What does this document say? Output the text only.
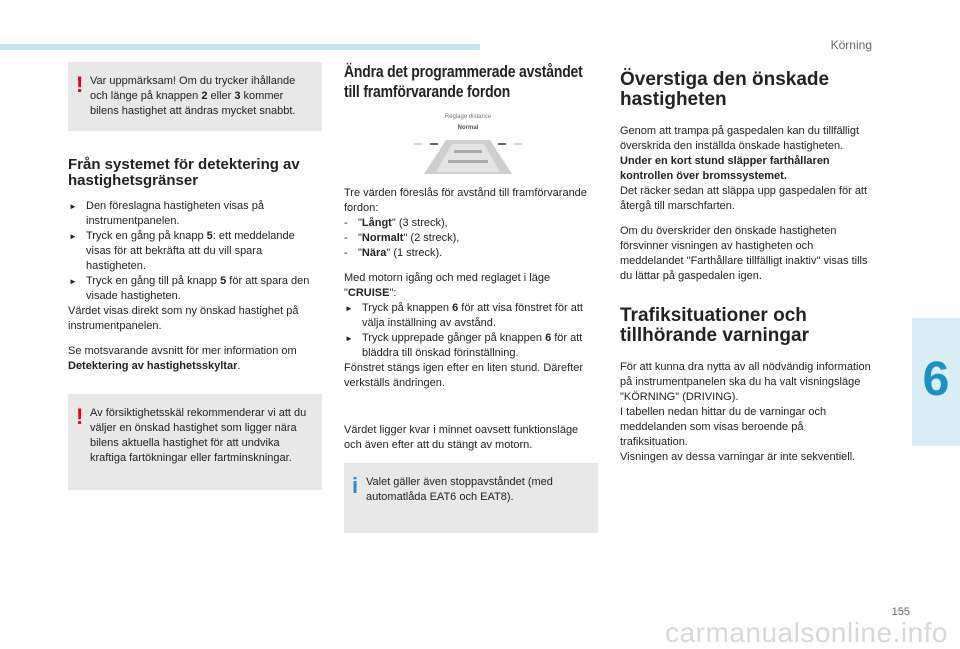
Körning
6
! Var uppmärksam! Om du trycker ihållande och länge på knappen 2 eller 3 kommer bilens hastighet att ändras mycket snabbt.
Från systemet för detektering av hastighetsgränser
► Den föreslagna hastigheten visas på instrumentpanelen.
► Tryck en gång på knapp 5: ett meddelande visas för att bekräfta att du vill spara hastigheten.
► Tryck en gång till på knapp 5 för att spara den visade hastigheten.

Värdet visas direkt som ny önskad hastighet på instrumentpanelen.

Se motsvarande avsnitt för mer information om Detektering av hastighetsskyltar.

! Av försiktighetsskäl rekommenderar vi att du väljer en önskad hastighet som ligger nära bilens aktuella hastighet för att undvika kraftiga fartökningar eller fartminskningar.
Ändra det programmerade avståndet till framförvarande fordon
Réglage distance
Normal

Tre värden föreslås för avstånd till framförvarande fordon:

- "Långt" (3 streck),
- "Normalt" (2 streck),
- "Nära" (1 streck).

Med motorn igång och med reglaget i läge "CRUISE":

► Tryck på knappen 6 för att visa fönstret för att välja inställning av avstånd.
► Tryck upprepade gånger på knappen 6 för att bläddra till önskad förinställning.

Fönstret stängs igen efter en liten stund. Därefter verkställs ändringen.

Värdet ligger kvar i minnet oavsett funktionsläge och även efter att du stängt av motorn.

i Valet gäller även stoppavståndet (med automatlåda EAT6 och EAT8).
Överstiga den önskade hastigheten

Genom att trampa på gaspedalen kan du tillfälligt överskrida den inställda önskade hastigheten.
Under en kort stund släpper farthållaren kontrollen över bromssystemet.
Det räcker sedan att släppa upp gaspedalen för att återgå till marschfarten.

Om du överskrider den önskade hastigheten försvinner visningen av hastigheten och meddelandet "Farthållare tillfälligt inaktiv" visas tills du lättar på gaspedalen igen.

Trafiksituationer och tillhörande varningar

För att kunna dra nytta av all nödvändig information på instrumentpanelen ska du ha valt visningsläge "KÖRNING" (DRIVING).
I tabellen nedan hittar du de varningar och meddelanden som visas beroende på trafiksituation.
Visningen av dessa varningar är inte sekventiell.

155
carmanualsonline.info
